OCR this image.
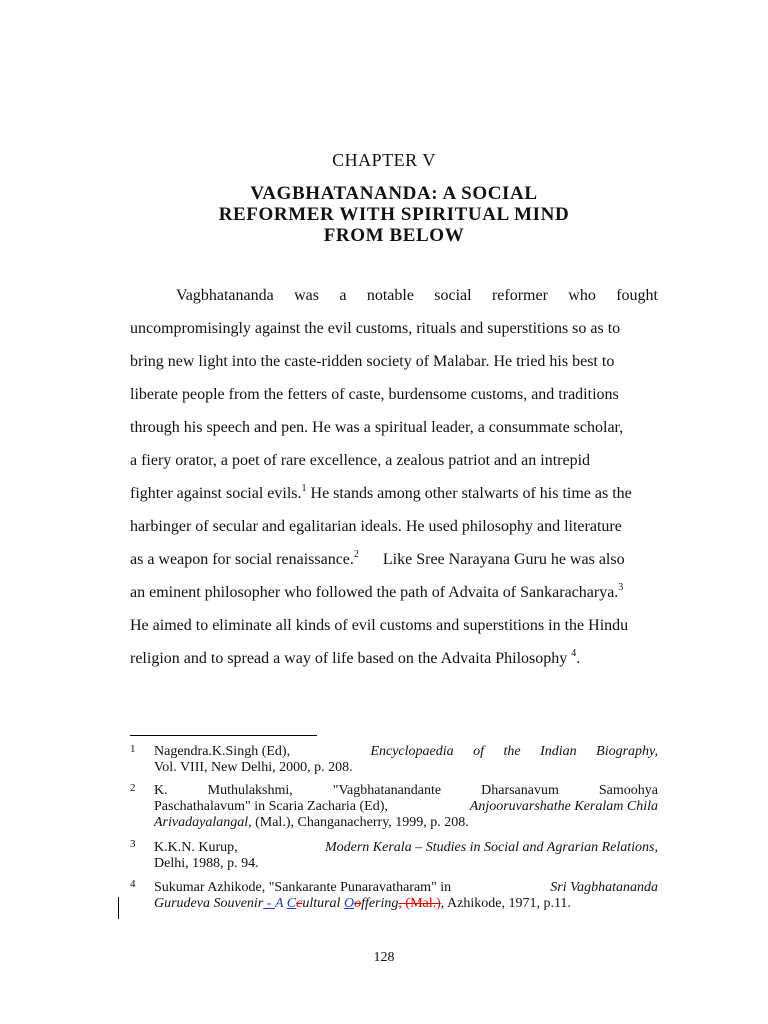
CHAPTER V
VAGBHATANANDA: A SOCIAL
REFORMER WITH SPIRITUAL MIND
FROM BELOW
Vagbhatananda was a notable social reformer who fought
uncompromisingly against the evil customs, rituals and superstitions so as to
bring new light into the caste-ridden society of Malabar. He tried his best to
liberate people from the fetters of caste, burdensome customs, and traditions
through his speech and pen. He was a spiritual leader, a consummate scholar,
a fiery orator, a poet of rare excellence, a zealous patriot and an intrepid
fighter against social evils.$^1$ He stands among other stalwarts of his time as the
harbinger of secular and egalitarian ideals. He used philosophy and literature
as a weapon for social renaissance.$^2$ Like Sree Narayana Guru he was also
an eminent philosopher who followed the path of Advaita of Sankaracharya.$^3$
He aimed to eliminate all kinds of evil customs and superstitions in the Hindu
religion and to spread a way of life based on the Advaita Philosophy $^4$.
1 Nagendra.K.Singh (Ed),	Encyclopaedia of the Indian Biography,
Vol. VIII, New Delhi, 2000, p. 208.
2 K. Muthulakshmi, "Vagbhatanandante Dharsanavum Samoohya
Paschathalavum" in Scaria Zacharia (Ed),	Anjooruvarshathe Keralam Chila
Arivadayalangal, (Mal.), Changanacherry, 1999, p. 208.
3 K.K.N. Kurup,	Modern Kerala – Studies in Social and Agrarian Relations,
Delhi, 1988, p. 94.
4 Sukumar Azhikode, "Sankarante Punaravatharam" in	Sri Vagbhatananda
Gurudeva Souvenir - A Ccultural Ooffering, (Mal.), Azhikode, 1971, p.11.
128
